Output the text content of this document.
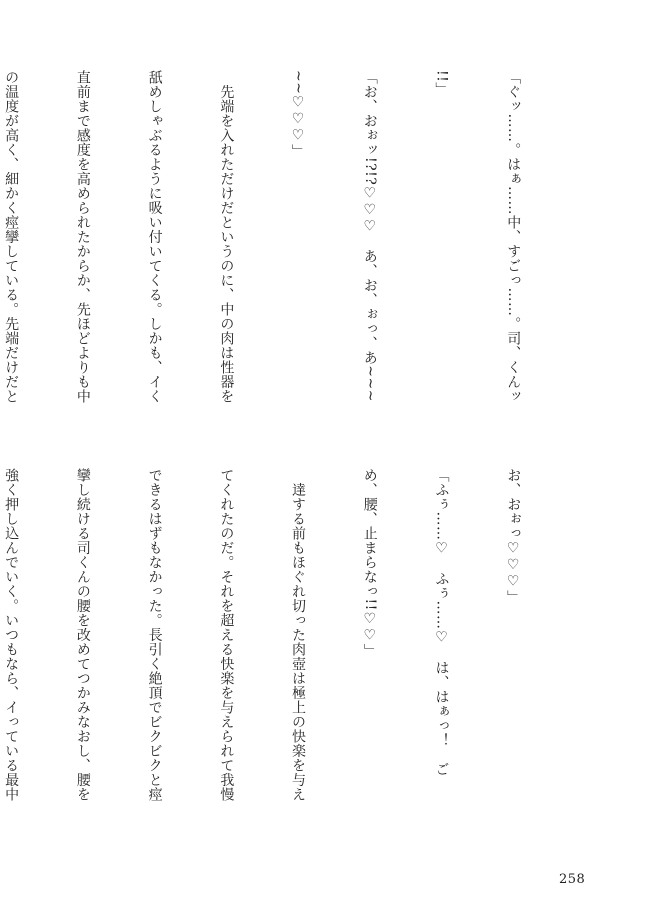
「ぐッ……。はぁ……中、すごっ……。司、くんッ

!!」

「お、おぉッ!?!?♡♡♡　あ、お、ぉっ、あ~~~

~~♡♡♡」

　先端を入れただけだというのに、中の肉は性器を

舐めしゃぶるように吸い付いてくる。しかも、イく

直前まで感度を高められたからか、先ほどよりも中

の温度が高く、細かく痙攣している。先端だけだと

お、おぉっ♡♡♡」

「ふぅ……♡　ふぅ……♡　は、はぁっ！　ご

め、腰、止まらなっ!!♡♡」

　達する前もほぐれ切った肉壺は極上の快楽を与え

てくれたのだ。それを超える快楽を与えられて我慢

できるはずもなかった。長引く絶頂でビクビクと痙

攣し続ける司くんの腰を改めてつかみなおし、腰を

強く押し込んでいく。いつもなら、イっている最中

258
